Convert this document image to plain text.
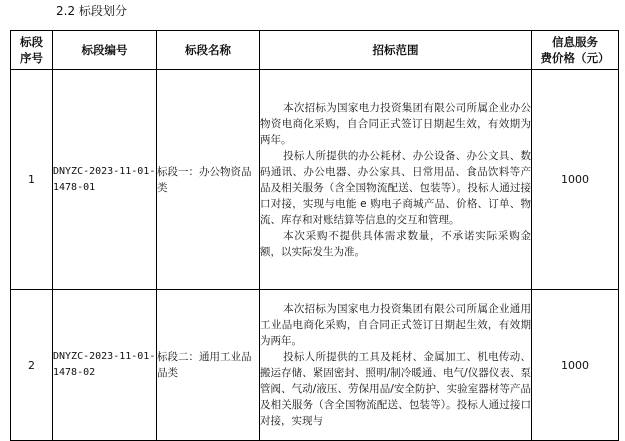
2.2 标段划分
标段
序号	标段编号	标段名称	招标范围	信息服务
费价格（元）

1	DNYZC-2023-11-01-1478-01	标段一：办公物资品类	本次招标为国家电力投资集团有限公司所属企业办公物资电商化采购，自合同正式签订日期起生效，有效期为两年。

投标人所提供的办公耗材、办公设备、办公文具、数码通讯、办公电器、办公家具、日常用品、食品饮料等产品及相关服务（含全国物流配送、包装等）。投标人通过接口对接，实现与电能 e 购电子商城产品、价格、订单、物流、库存和对账结算等信息的交互和管理。

本次采购不提供具体需求数量，不承诺实际采购金额，以实际发生为准。	1000
2	DNYZC-2023-11-01-1478-02	标段二：通用工业品品类	本次招标为国家电力投资集团有限公司所属企业通用工业品电商化采购，自合同正式签订日期起生效，有效期为两年。

投标人所提供的工具及耗材、金属加工、机电传动、搬运存储、紧固密封、照明/制冷暖通、电气/仪器仪表、泵管阀、气动/液压、劳保用品/安全防护、实验室器材等产品及相关服务（含全国物流配送、包装等）。投标人通过接口对接，实现与	1000
